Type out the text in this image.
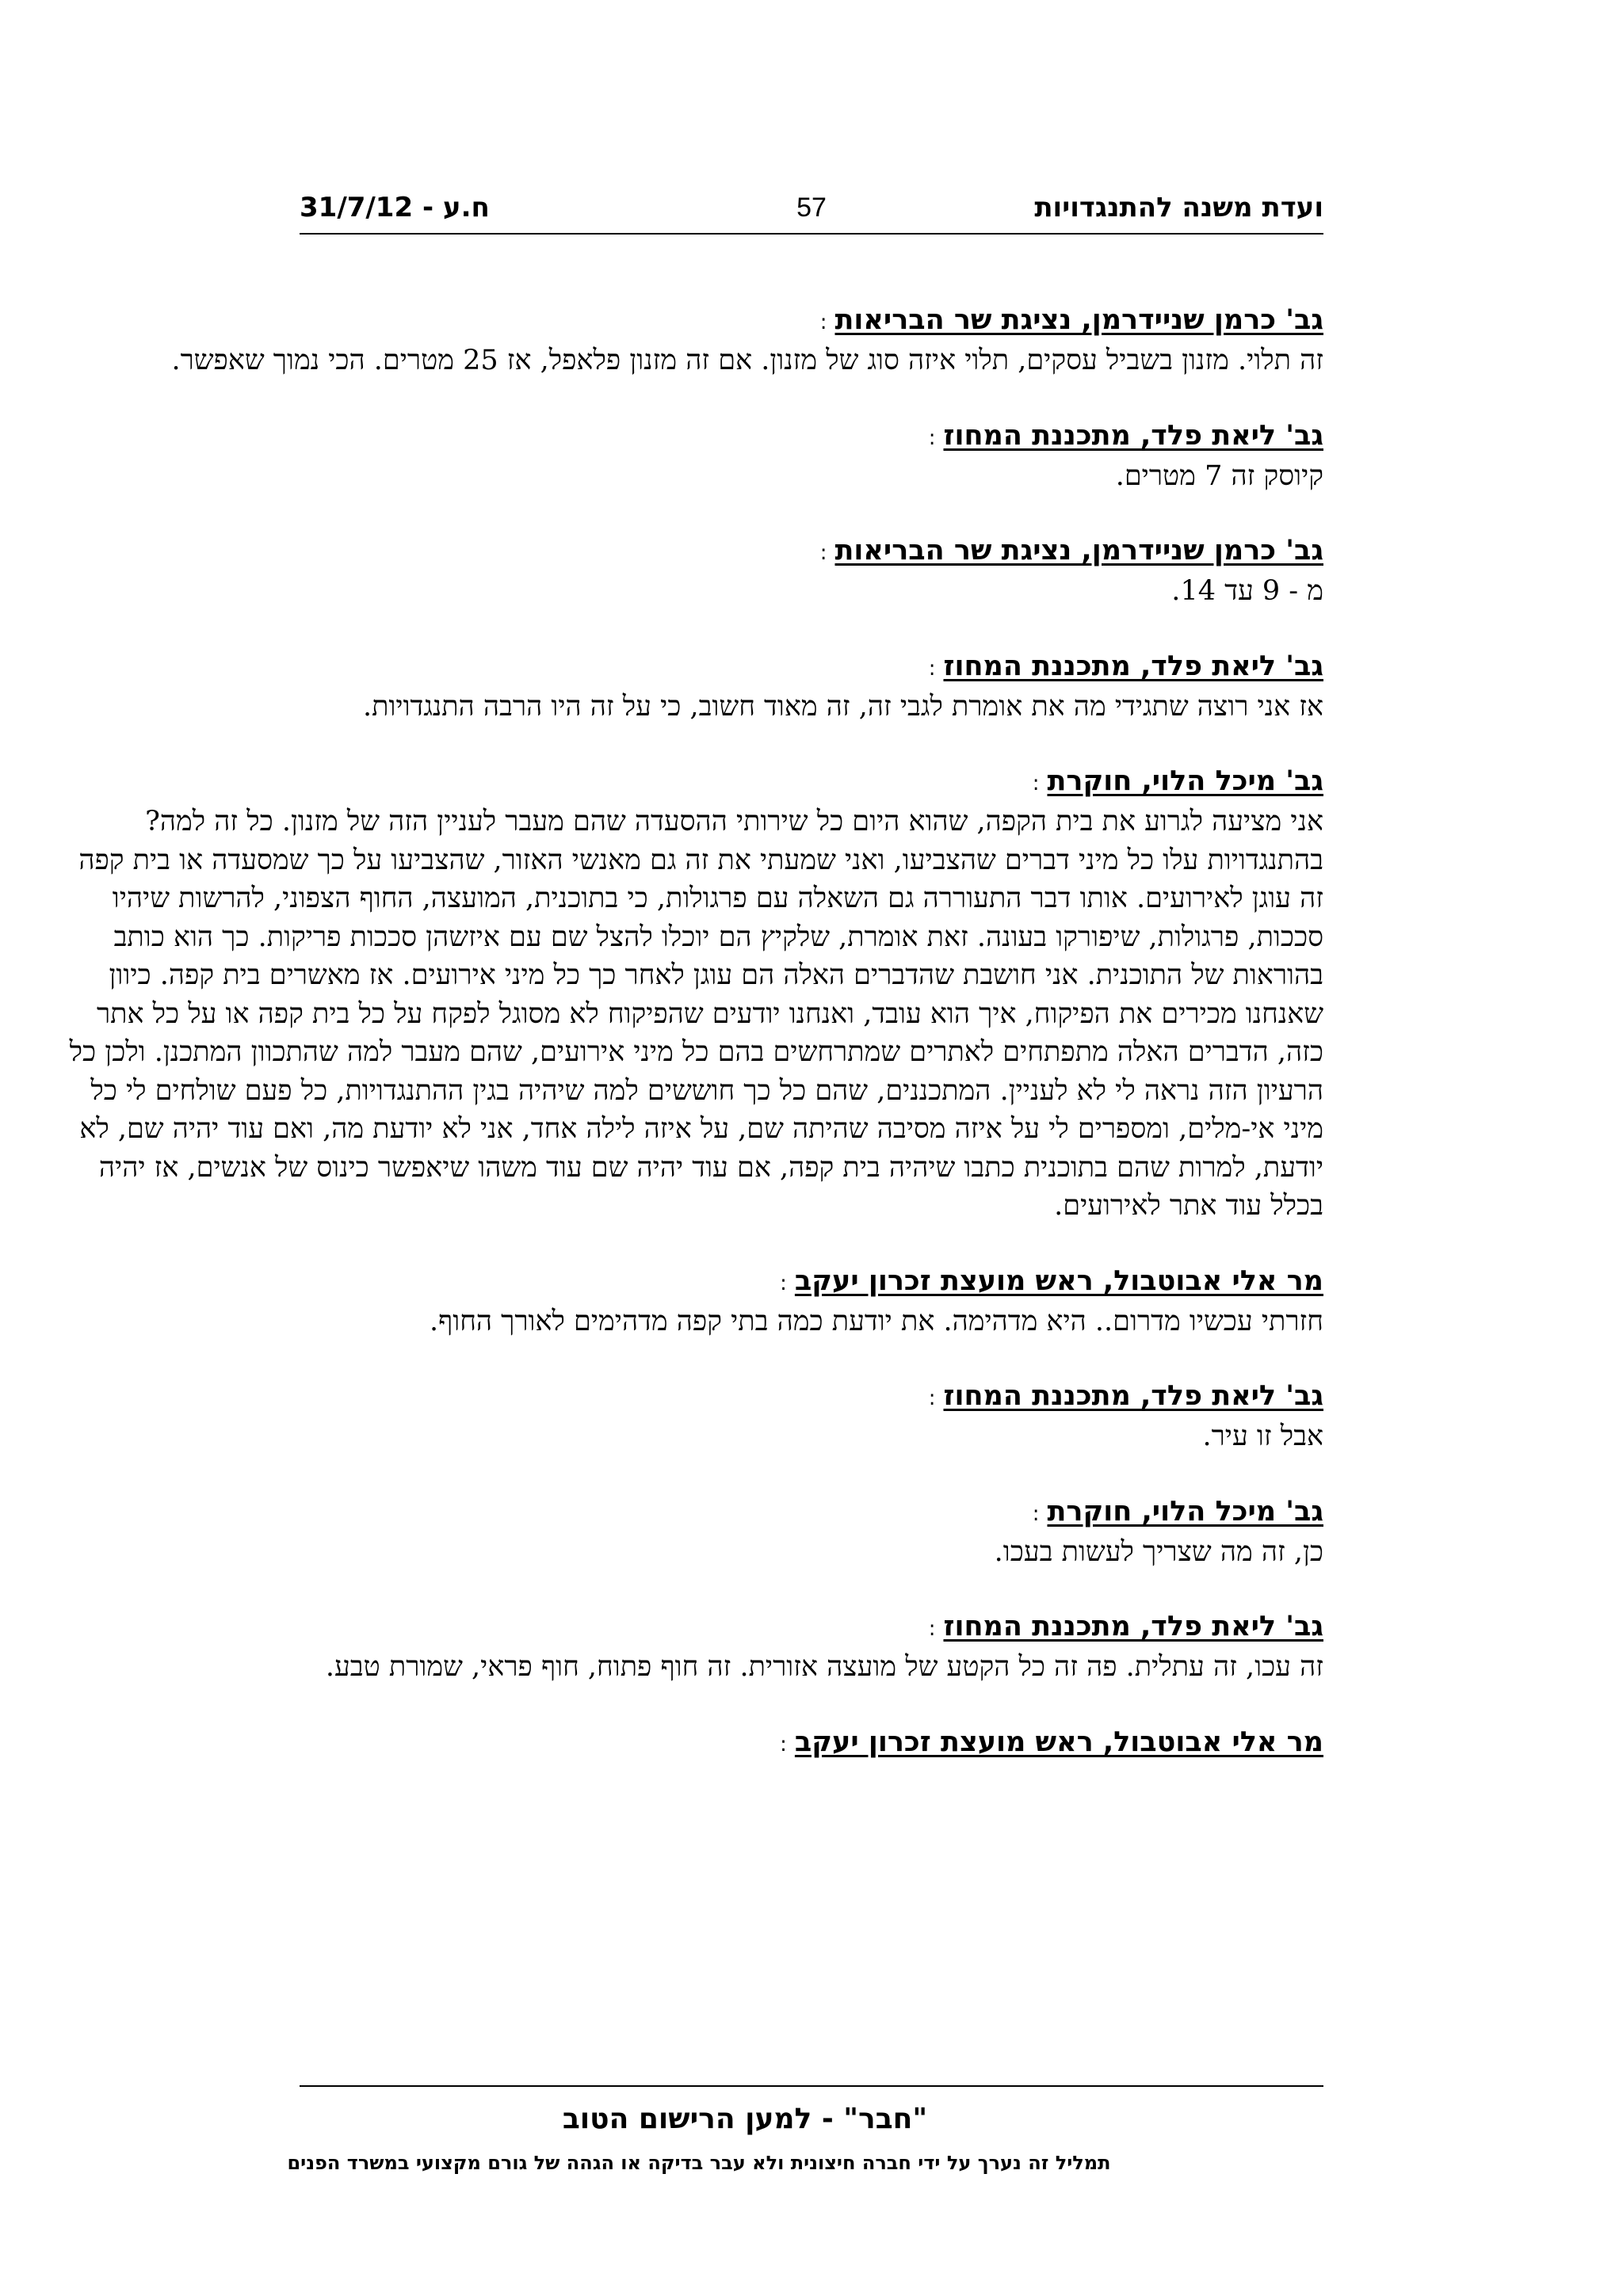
ועדת משנה להתנגדויות
57
31/7/12 - ח.ע
גב' כרמן שניידרמן, נציגת שר הבריאות:

זה תלוי. מזנון בשביל עסקים, תלוי איזה סוג של מזנון. אם זה מזנון פלאפל, אז 25 מטרים. הכי נמוך שאפשר.

גב' ליאת פלד, מתכננת המחוז:

קיוסק זה 7 מטרים.

גב' כרמן שניידרמן, נציגת שר הבריאות:

מ - 9 עד 14.

גב' ליאת פלד, מתכננת המחוז:

אז אני רוצה שתגידי מה את אומרת לגבי זה, זה מאוד חשוב, כי על זה היו הרבה התנגדויות.

גב' מיכל הלוי, חוקרת:

אני מציעה לגרוע את בית הקפה, שהוא היום כל שירותי ההסעדה שהם מעבר לעניין הזה של מזנון. כל זה למה? בהתנגדויות עלו כל מיני דברים שהצביעו, ואני שמעתי את זה גם מאנשי האזור, שהצביעו על כך שמסעדה או בית קפה זה עוגן לאירועים. אותו דבר התעוררה גם השאלה עם פרגולות, כי בתוכנית, המועצה, החוף הצפוני, להרשות שיהיו סככות, פרגולות, שיפורקו בעונה. זאת אומרת, שלקיץ הם יוכלו להצל שם עם איזשהן סככות פריקות. כך הוא כותב בהוראות של התוכנית. אני חושבת שהדברים האלה הם עוגן לאחר כך כל מיני אירועים. אז מאשרים בית קפה. כיוון שאנחנו מכירים את הפיקוח, איך הוא עובד, ואנחנו יודעים שהפיקוח לא מסוגל לפקח על כל בית קפה או על כל אתר כזה, הדברים האלה מתפתחים לאתרים שמתרחשים בהם כל מיני אירועים, שהם מעבר למה שהתכוון המתכנן. ולכן כל הרעיון הזה נראה לי לא לעניין. המתכננים, שהם כל כך חוששים למה שיהיה בגין ההתנגדויות, כל פעם שולחים לי כל מיני אי-מלים, ומספרים לי על איזה מסיבה שהיתה שם, על איזה לילה אחד, אני לא יודעת מה, ואם עוד יהיה שם, לא יודעת, למרות שהם בתוכנית כתבו שיהיה בית קפה, אם עוד יהיה שם עוד משהו שיאפשר כינוס של אנשים, אז יהיה בכלל עוד אתר לאירועים.

מר אלי אבוטבול, ראש מועצת זכרון יעקב:

חזרתי עכשיו מדרום.. היא מדהימה. את יודעת כמה בתי קפה מדהימים לאורך החוף.

גב' ליאת פלד, מתכננת המחוז:

אבל זו עיר.

גב' מיכל הלוי, חוקרת:

כן, זה מה שצריך לעשות בעכו.

גב' ליאת פלד, מתכננת המחוז:

זה עכו, זה עתלית. פה זה כל הקטע של מועצה אזורית. זה חוף פתוח, חוף פראי, שמורת טבע.

מר אלי אבוטבול, ראש מועצת זכרון יעקב:

"חבר" - למען הרישום הטוב
תמליל זה נערך על ידי חברה חיצונית ולא עבר בדיקה או הגהה של גורם מקצועי במשרד הפנים
